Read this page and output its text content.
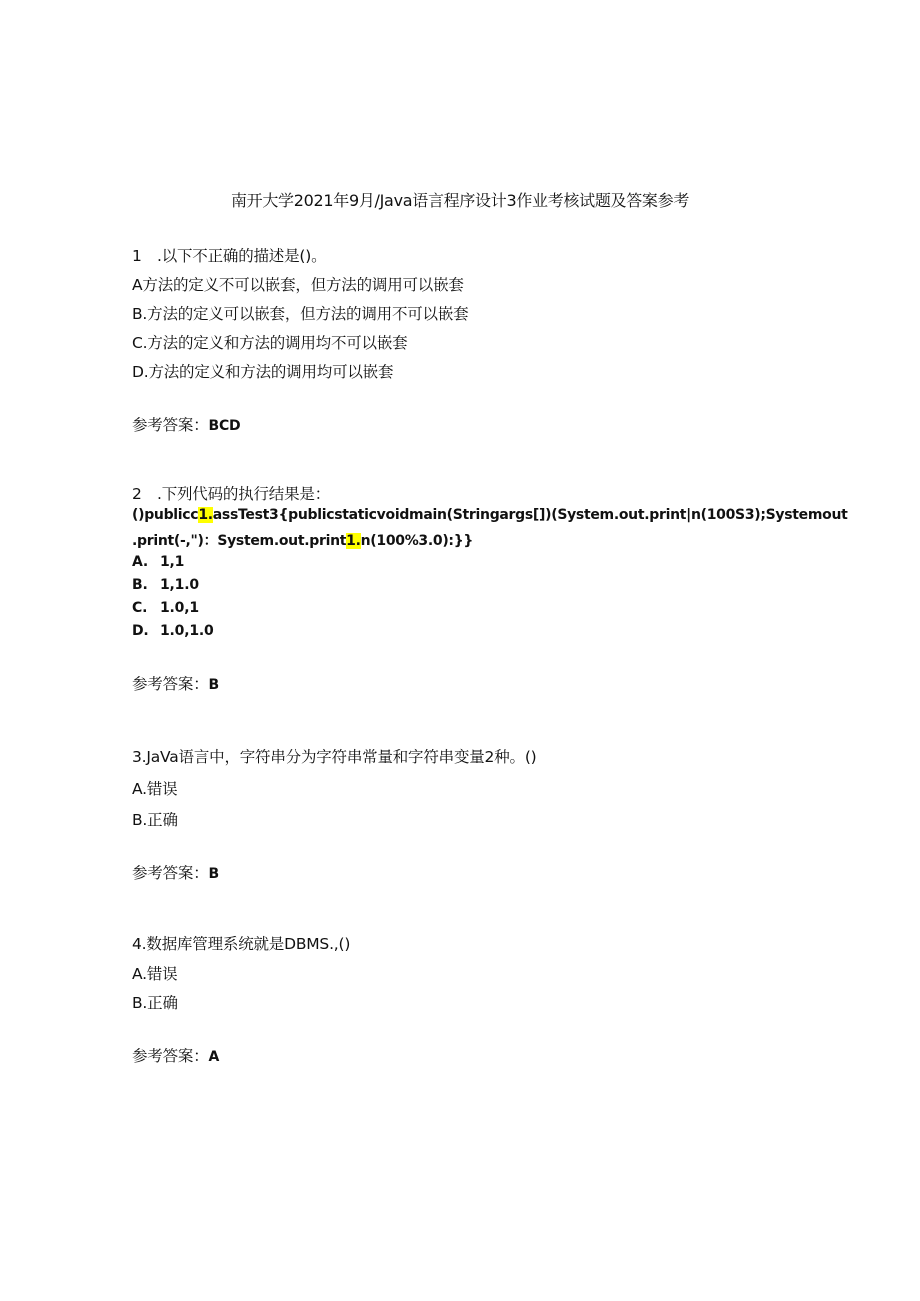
南开大学2021年9月/Java语言程序设计3作业考核试题及答案参考
1　.以下不正确的描述是()。
A方法的定义不可以嵌套，但方法的调用可以嵌套
B.方法的定义可以嵌套，但方法的调用不可以嵌套
C.方法的定义和方法的调用均不可以嵌套
D.方法的定义和方法的调用均可以嵌套
参考答案：BCD
2　.下列代码的执行结果是：
()publicc1.assTest3{publicstaticvoidmain(Stringargs[])(System.out.print|n(100S3);Systemout
.print(-,")：System.out.print1.n(100%3.0):}}
A. 1,1
B. 1,1.0
C. 1.0,1
D. 1.0,1.0
参考答案：B
3.JaVa语言中，字符串分为字符串常量和字符串变量2种。()
A.错误
B.正确
参考答案：B
4.数据库管理系统就是DBMS.,()
A.错误
B.正确
参考答案：A
